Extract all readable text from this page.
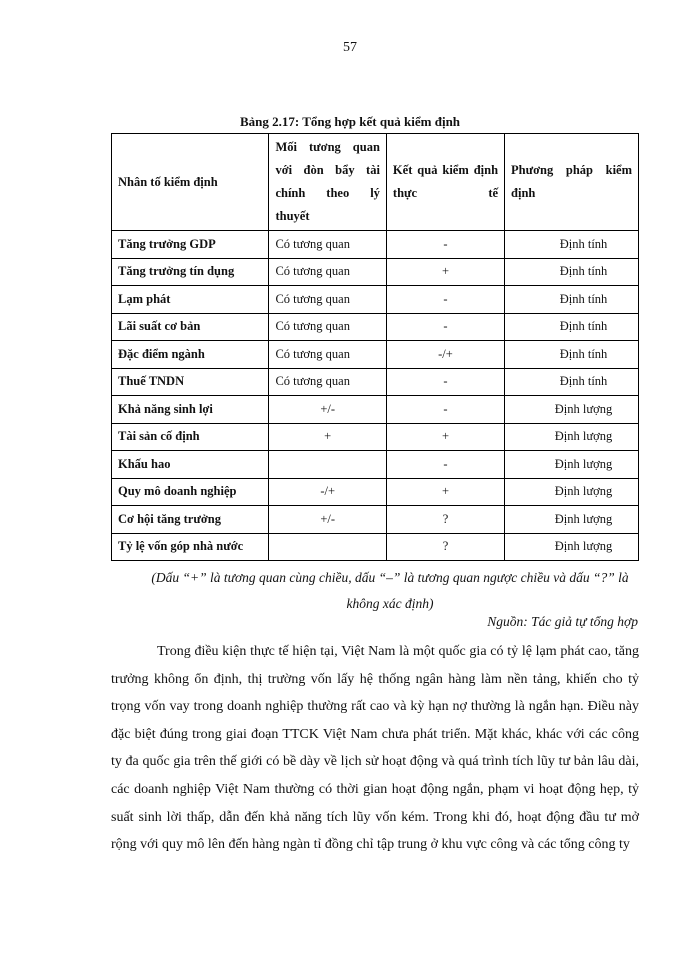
57
Bảng 2.17: Tổng hợp kết quả kiểm định
Nhân tố kiểm định	Mối tương quan với đòn bẩy tài chính theo lý thuyết	Kết quả kiểm định thực tế	Phương pháp kiểm định
Tăng trưởng GDP	Có tương quan	-	Định tính
Tăng trưởng tín dụng	Có tương quan	+	Định tính
Lạm phát	Có tương quan	-	Định tính
Lãi suất cơ bản	Có tương quan	-	Định tính
Đặc điểm ngành	Có tương quan	-/+	Định tính
Thuế TNDN	Có tương quan	-	Định tính
Khả năng sinh lợi	+/-	-	Định lượng
Tài sản cố định	+	+	Định lượng
Khấu hao		-	Định lượng
Quy mô doanh nghiệp	-/+	+	Định lượng
Cơ hội tăng trưởng	+/-	?	Định lượng
Tỷ lệ vốn góp nhà nước		?	Định lượng
(Dấu “+” là tương quan cùng chiều, dấu “–” là tương quan ngược chiều và dấu “?” là không xác định)
Nguồn: Tác giả tự tổng hợp

Trong điều kiện thực tế hiện tại, Việt Nam là một quốc gia có tỷ lệ lạm phát cao, tăng trưởng không ổn định, thị trường vốn lấy hệ thống ngân hàng làm nền tảng, khiến cho tỷ trọng vốn vay trong doanh nghiệp thường rất cao và kỳ hạn nợ thường là ngắn hạn. Điều này đặc biệt đúng trong giai đoạn TTCK Việt Nam chưa phát triển. Mặt khác, khác với các công ty đa quốc gia trên thế giới có bề dày về lịch sử hoạt động và quá trình tích lũy tư bản lâu dài, các doanh nghiệp Việt Nam thường có thời gian hoạt động ngắn, phạm vi hoạt động hẹp, tỷ suất sinh lời thấp, dẫn đến khả năng tích lũy vốn kém. Trong khi đó, hoạt động đầu tư mở rộng với quy mô lên đến hàng ngàn tỉ đồng chỉ tập trung ở khu vực công và các tổng công ty
